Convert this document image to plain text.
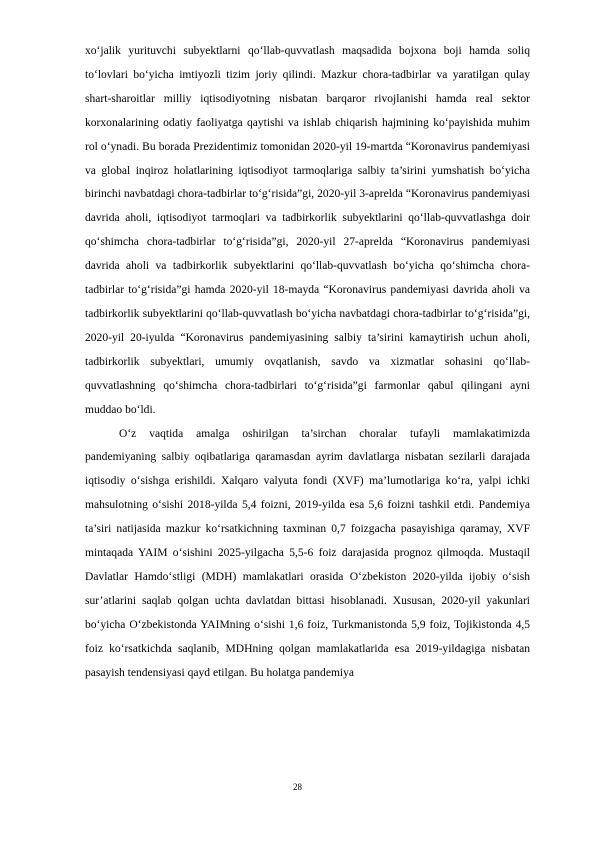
xo‘jalik yurituvchi subyektlarni qo‘llab-quvvatlash maqsadida bojxona boji hamda soliq to‘lovlari bo‘yicha imtiyozli tizim joriy qilindi. Mazkur chora-tadbirlar va yaratilgan qulay shart-sharoitlar milliy iqtisodiyotning nisbatan barqaror rivojlanishi hamda real sektor korxonalarining odatiy faoliyatga qaytishi va ishlab chiqarish hajmining ko‘payishida muhim rol o‘ynadi. Bu borada Prezidentimiz tomonidan 2020-yil 19-martda “Koronavirus pandemiyasi va global inqiroz holatlarining iqtisodiyot tarmoqlariga salbiy ta’sirini yumshatish bo‘yicha birinchi navbatdagi chora-tadbirlar to‘g‘risida”gi, 2020-yil 3-aprelda “Koronavirus pandemiyasi davrida aholi, iqtisodiyot tarmoqlari va tadbirkorlik subyektlarini qo‘llab-quvvatlashga doir qo‘shimcha chora-tadbirlar to‘g‘risida”gi, 2020-yil 27-aprelda “Koronavirus pandemiyasi davrida aholi va tadbirkorlik subyektlarini qo‘llab-quvvatlash bo‘yicha qo‘shimcha chora-tadbirlar to‘g‘risida”gi hamda 2020-yil 18-mayda “Koronavirus pandemiyasi davrida aholi va tadbirkorlik subyektlarini qo‘llab-quvvatlash bo‘yicha navbatdagi chora-tadbirlar to‘g‘risida”gi, 2020-yil 20-iyulda “Koronavirus pandemiyasining salbiy ta’sirini kamaytirish uchun aholi, tadbirkorlik subyektlari, umumiy ovqatlanish, savdo va xizmatlar sohasini qo‘llab-quvvatlashning qo‘shimcha chora-tadbirlari to‘g‘risida”gi farmonlar qabul qilingani ayni muddao bo‘ldi.

O‘z vaqtida amalga oshirilgan ta’sirchan choralar tufayli mamlakatimizda pandemiyaning salbiy oqibatlariga qaramasdan ayrim davlatlarga nisbatan sezilarli darajada iqtisodiy o‘sishga erishildi. Xalqaro valyuta fondi (XVF) ma’lumotlariga ko‘ra, yalpi ichki mahsulotning o‘sishi 2018-yilda 5,4 foizni, 2019-yilda esa 5,6 foizni tashkil etdi. Pandemiya ta’siri natijasida mazkur ko‘rsatkichning taxminan 0,7 foizgacha pasayishiga qaramay, XVF mintaqada YAIM o‘sishini 2025-yilgacha 5,5-6 foiz darajasida prognoz qilmoqda. Mustaqil Davlatlar Hamdo‘stligi (MDH) mamlakatlari orasida O‘zbekiston 2020-yilda ijobiy o‘sish sur’atlarini saqlab qolgan uchta davlatdan bittasi hisoblanadi. Xususan, 2020-yil yakunlari bo‘yicha O‘zbekistonda YAIMning o‘sishi 1,6 foiz, Turkmanistonda 5,9 foiz, Tojikistonda 4,5 foiz ko‘rsatkichda saqlanib, MDHning qolgan mamlakatlarida esa 2019-yildagiga nisbatan pasayish tendensiyasi qayd etilgan. Bu holatga pandemiya

28
